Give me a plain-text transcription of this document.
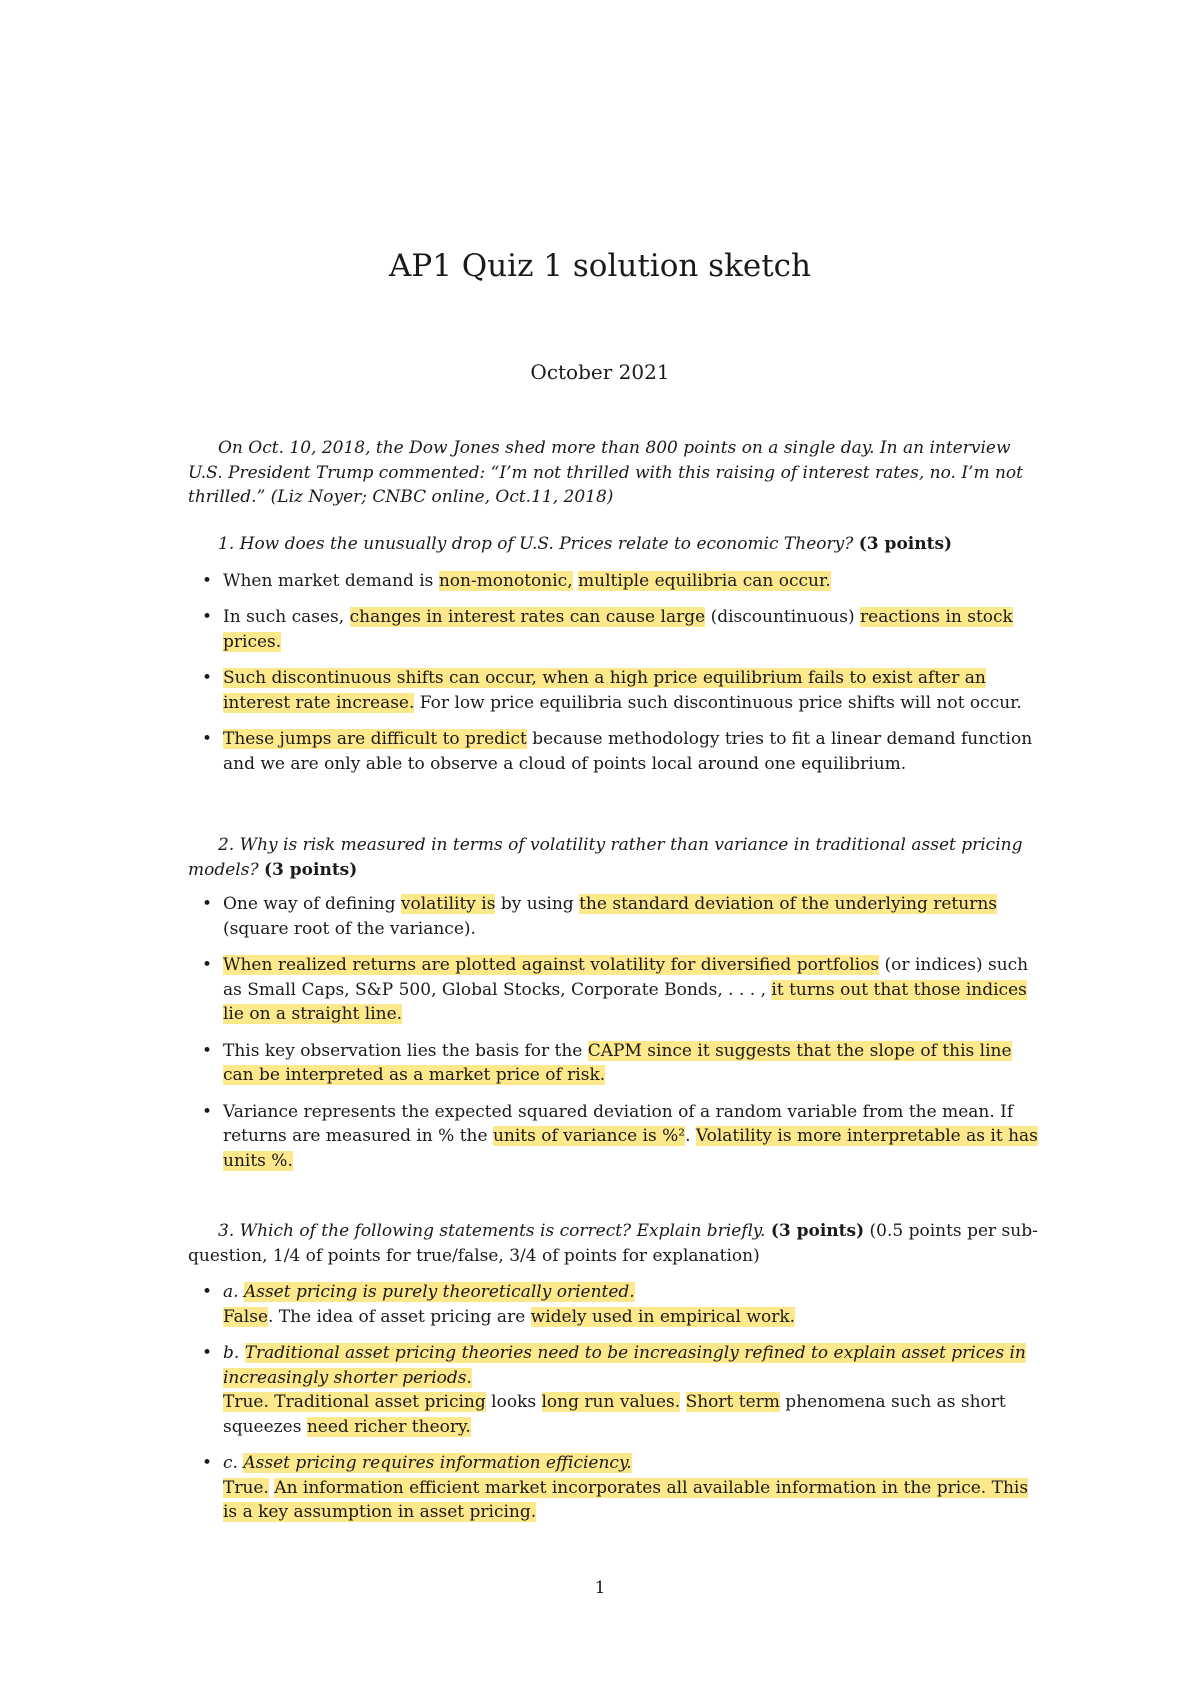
AP1 Quiz 1 solution sketch
October 2021
On Oct. 10, 2018, the Dow Jones shed more than 800 points on a single day. In an interview U.S. President Trump commented: “I’m not thrilled with this raising of interest rates, no. I’m not thrilled.” (Liz Noyer; CNBC online, Oct.11, 2018)

1. How does the unusually drop of U.S. Prices relate to economic Theory? (3 points)

• When market demand is non-monotonic, multiple equilibria can occur.
• In such cases, changes in interest rates can cause large (discountinuous) reactions in stock prices.
• Such discontinuous shifts can occur, when a high price equilibrium fails to exist after an interest rate increase. For low price equilibria such discontinuous price shifts will not occur.
• These jumps are difficult to predict because methodology tries to fit a linear demand function and we are only able to observe a cloud of points local around one equilibrium.

2. Why is risk measured in terms of volatility rather than variance in traditional asset pricing models? (3 points)

• One way of defining volatility is by using the standard deviation of the underlying returns (square root of the variance).
• When realized returns are plotted against volatility for diversified portfolios (or indices) such as Small Caps, S&P 500, Global Stocks, Corporate Bonds, . . . , it turns out that those indices lie on a straight line.
• This key observation lies the basis for the CAPM since it suggests that the slope of this line can be interpreted as a market price of risk.
• Variance represents the expected squared deviation of a random variable from the mean. If returns are measured in % the units of variance is %². Volatility is more interpretable as it has units %.

3. Which of the following statements is correct? Explain briefly. (3 points) (0.5 points per sub-question, 1/4 of points for true/false, 3/4 of points for explanation)

• a. Asset pricing is purely theoretically oriented.
False. The idea of asset pricing are widely used in empirical work.
• b. Traditional asset pricing theories need to be increasingly refined to explain asset prices in increasingly shorter periods.
True. Traditional asset pricing looks long run values. Short term phenomena such as short squeezes need richer theory.
• c. Asset pricing requires information efficiency.
True. An information efficient market incorporates all available information in the price. This is a key assumption in asset pricing.
1
